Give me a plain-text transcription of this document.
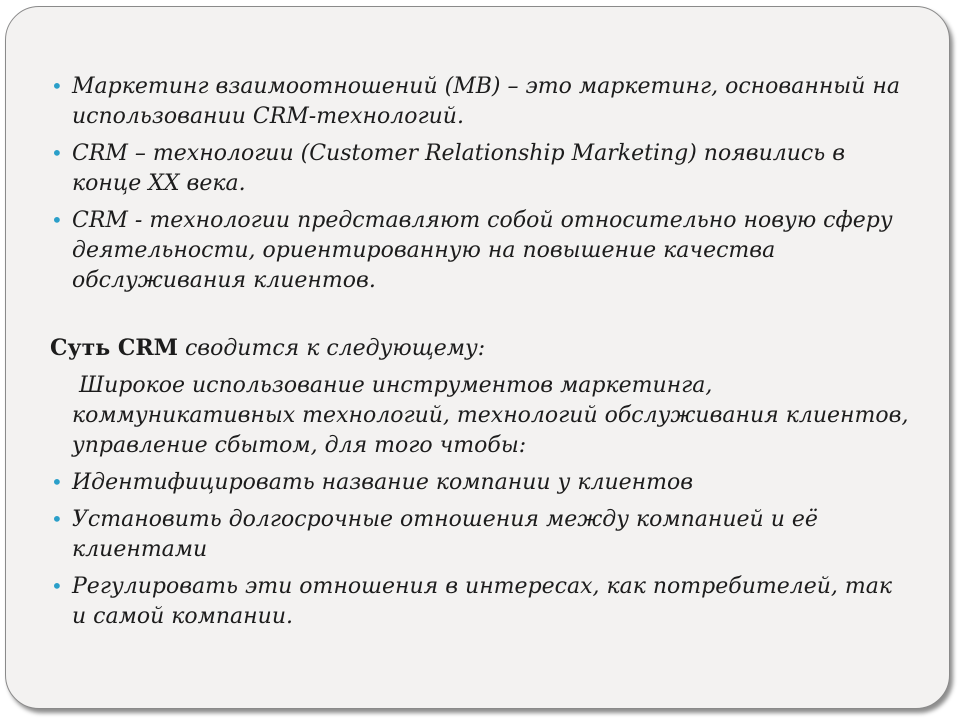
• Маркетинг взаимоотношений (МВ) – это маркетинг, основанный на использовании CRM-технологий.
• CRM – технологии (Customer Relationship Marketing) появились в конце XX века.
• CRM - технологии представляют собой относительно новую сферу деятельности, ориентированную на повышение качества обслуживания клиентов.
Суть CRM сводится к следующему:
Широкое использование инструментов маркетинга, коммуникативных технологий, технологий обслуживания клиентов, управление сбытом, для того чтобы:
• Идентифицировать название компании у клиентов
• Установить долгосрочные отношения между компанией и её клиентами
• Регулировать эти отношения в интересах, как потребителей, так и самой компании.
